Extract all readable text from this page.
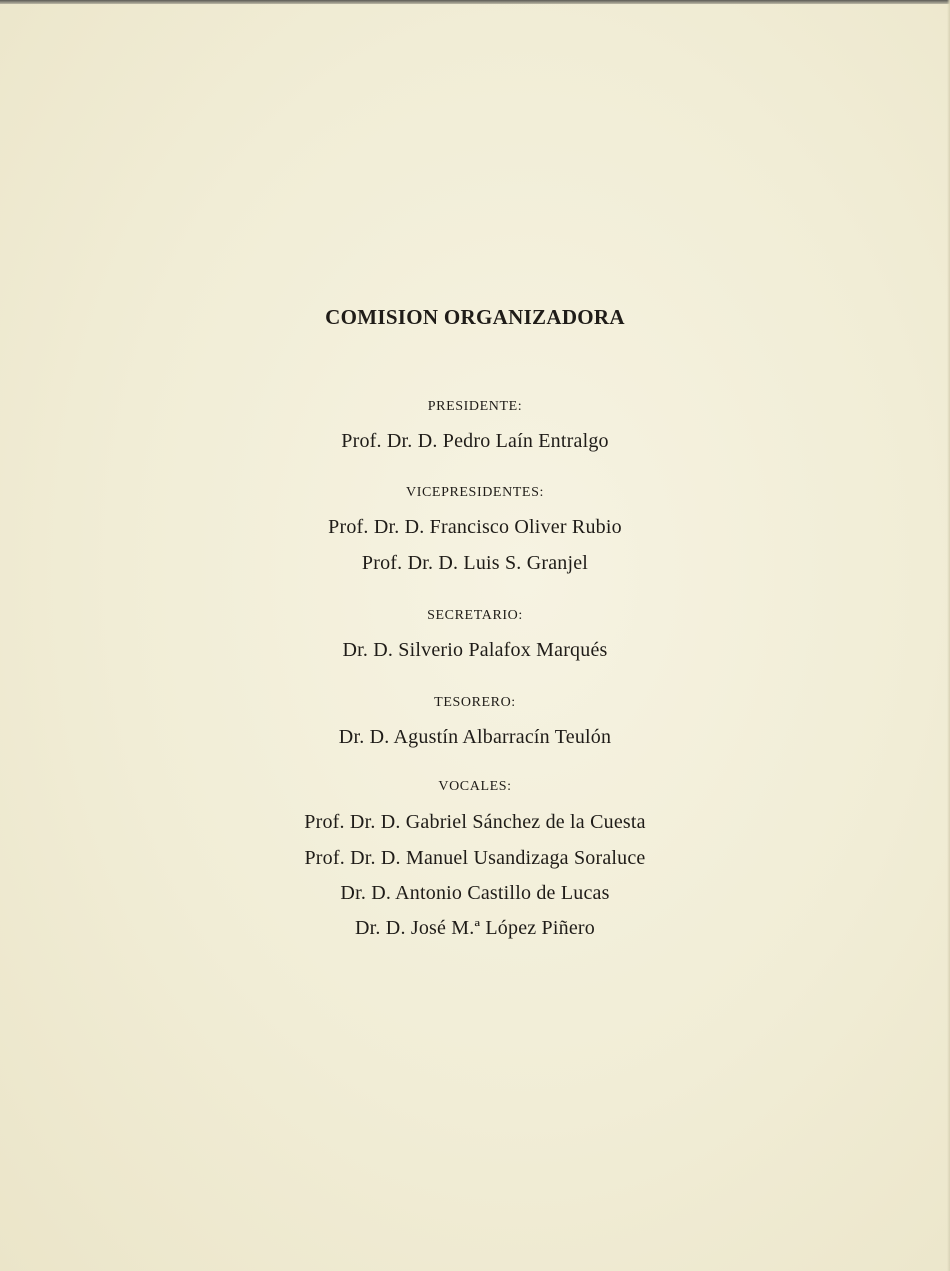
COMISION ORGANIZADORA
PRESIDENTE:
Prof. Dr. D. Pedro Laín Entralgo
VICEPRESIDENTES:
Prof. Dr. D. Francisco Oliver Rubio
Prof. Dr. D. Luis S. Granjel
SECRETARIO:
Dr. D. Silverio Palafox Marqués
TESORERO:
Dr. D. Agustín Albarracín Teulón
VOCALES:
Prof. Dr. D. Gabriel Sánchez de la Cuesta
Prof. Dr. D. Manuel Usandizaga Soraluce
Dr. D. Antonio Castillo de Lucas
Dr. D. José M.ª López Piñero
